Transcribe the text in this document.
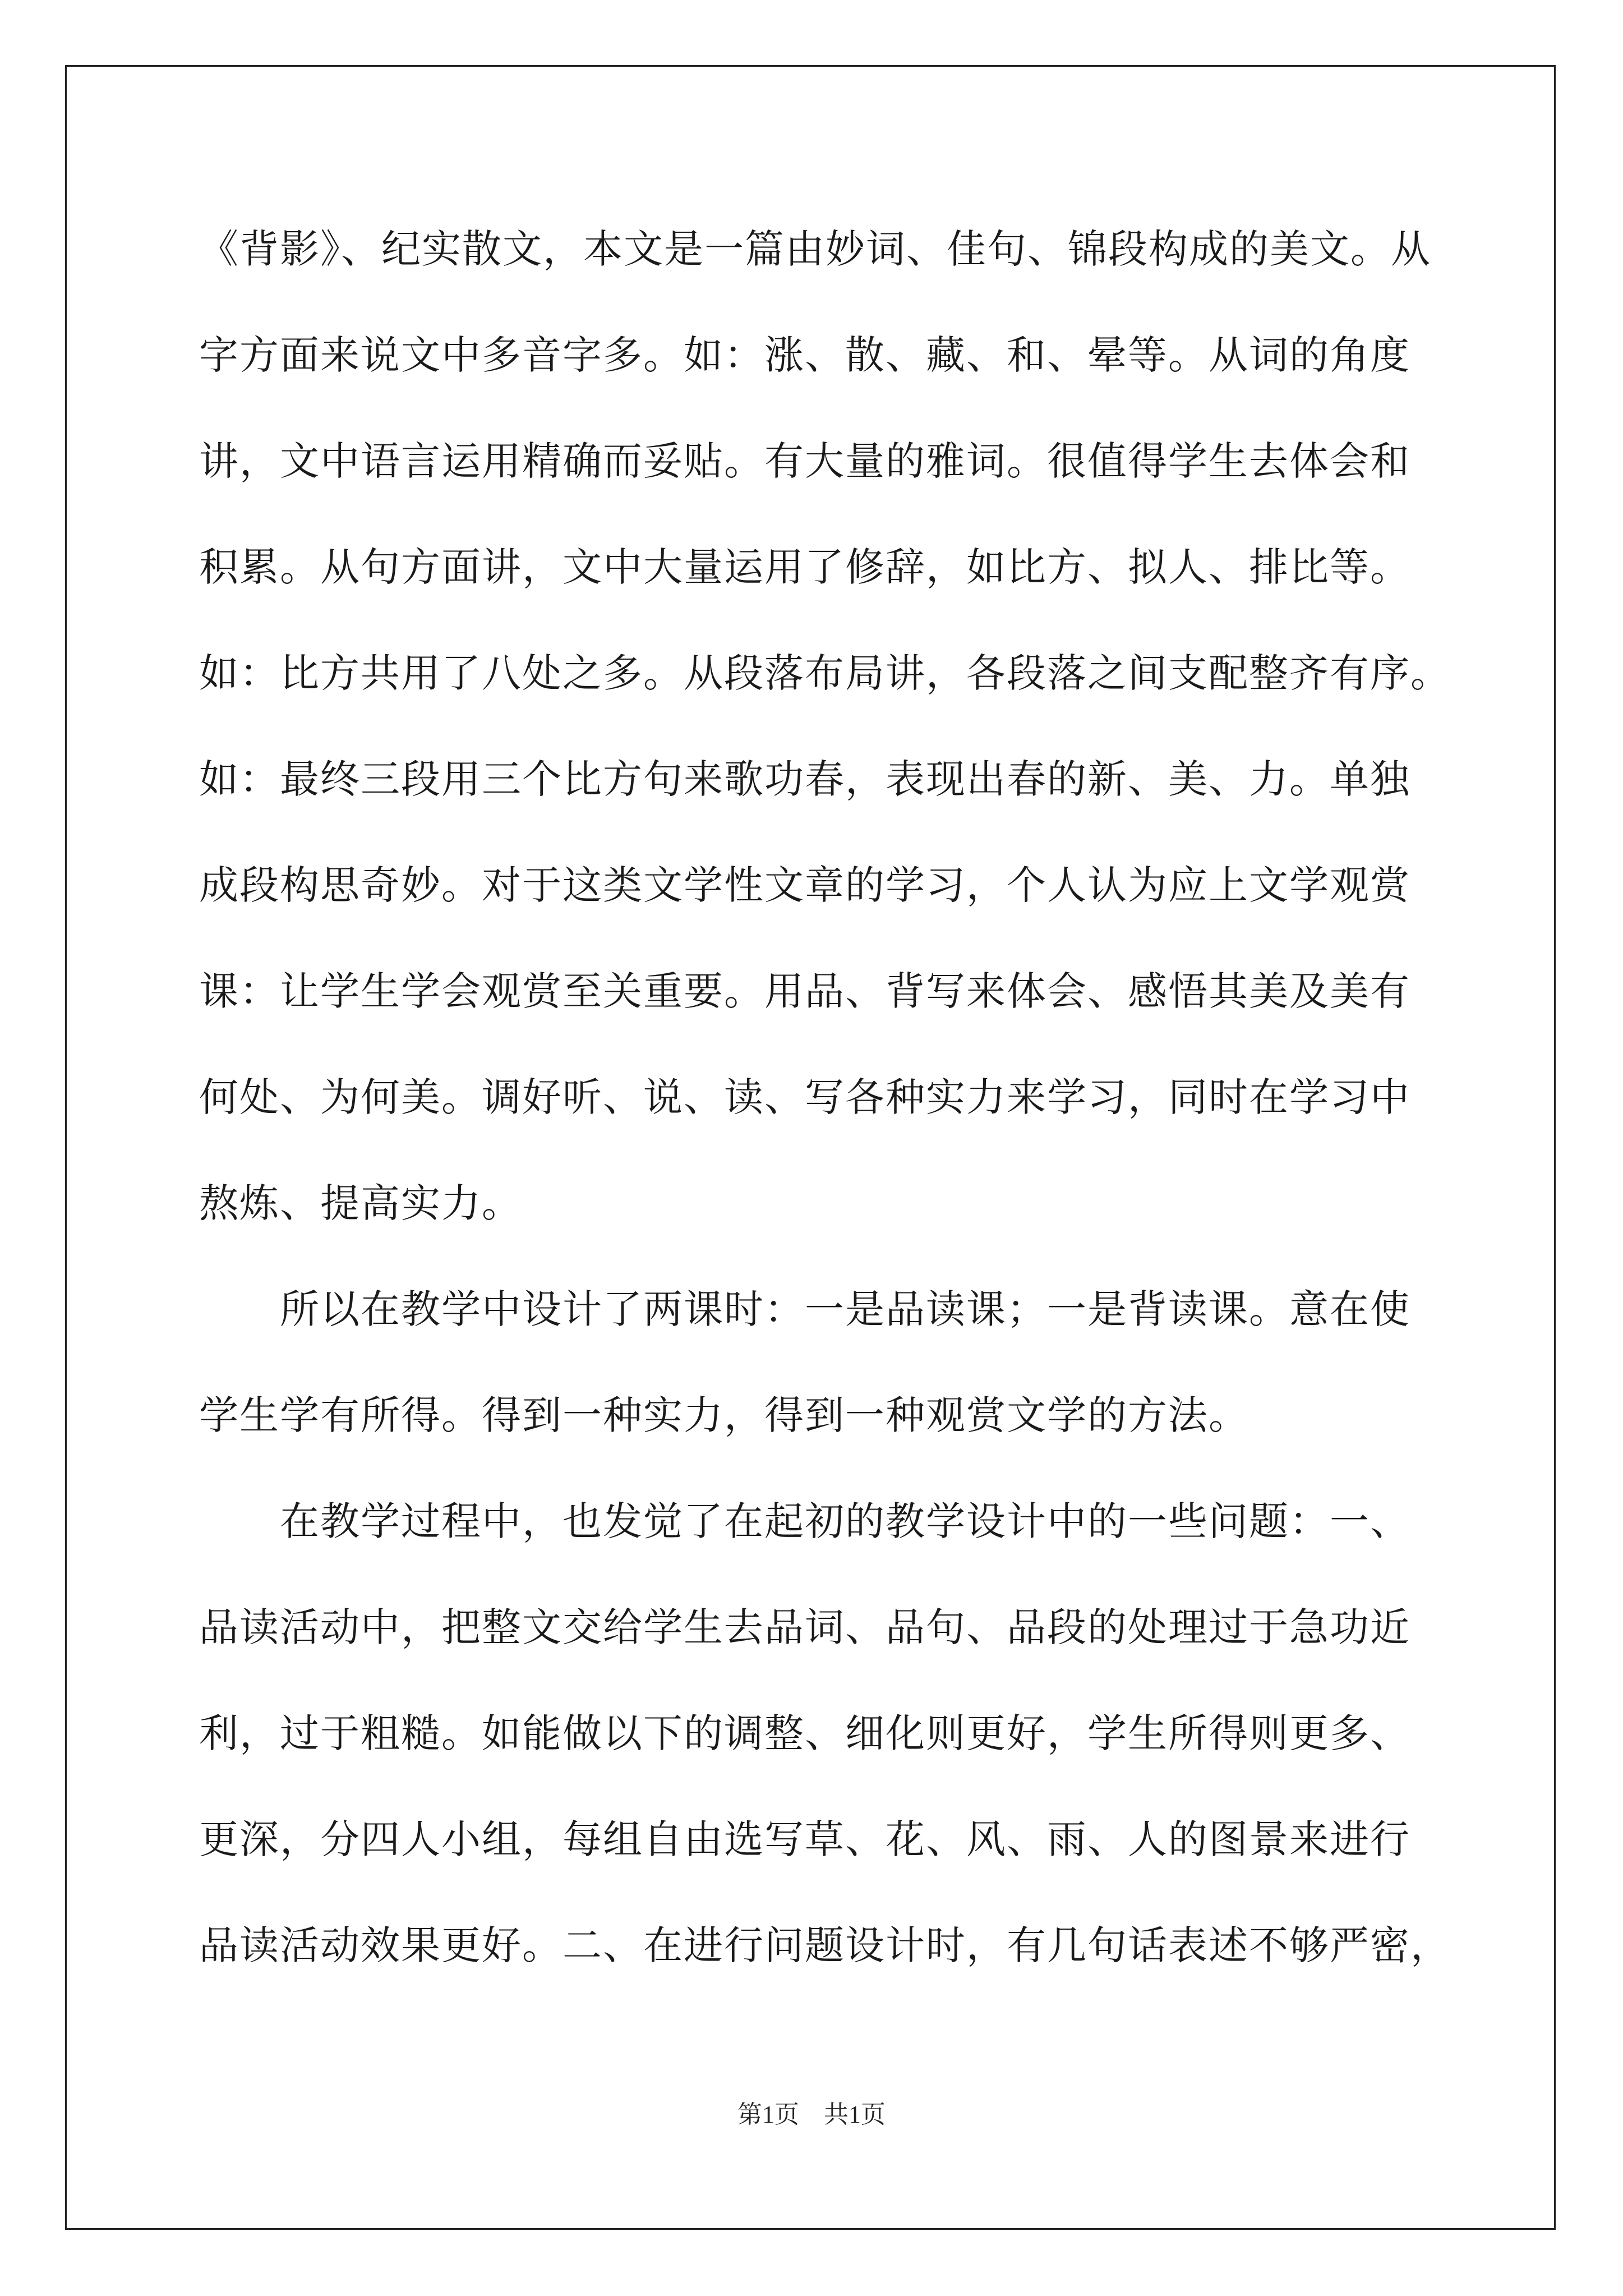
《背影》、纪实散文，本文是一篇由妙词、佳句、锦段构成的美文。从
字方面来说文中多音字多。如：涨、散、藏、和、晕等。从词的角度
讲，文中语言运用精确而妥贴。有大量的雅词。很值得学生去体会和
积累。从句方面讲，文中大量运用了修辞，如比方、拟人、排比等。
如：比方共用了八处之多。从段落布局讲，各段落之间支配整齐有序。
如：最终三段用三个比方句来歌功春，表现出春的新、美、力。单独
成段构思奇妙。对于这类文学性文章的学习，个人认为应上文学观赏
课：让学生学会观赏至关重要。用品、背写来体会、感悟其美及美有
何处、为何美。调好听、说、读、写各种实力来学习，同时在学习中
熬炼、提高实力。
　　所以在教学中设计了两课时：一是品读课；一是背读课。意在使
学生学有所得。得到一种实力，得到一种观赏文学的方法。
　　在教学过程中，也发觉了在起初的教学设计中的一些问题：一、
品读活动中，把整文交给学生去品词、品句、品段的处理过于急功近
利，过于粗糙。如能做以下的调整、细化则更好，学生所得则更多、
更深，分四人小组，每组自由选写草、花、风、雨、人的图景来进行
品读活动效果更好。二、在进行问题设计时，有几句话表述不够严密，
第1页　共1页
